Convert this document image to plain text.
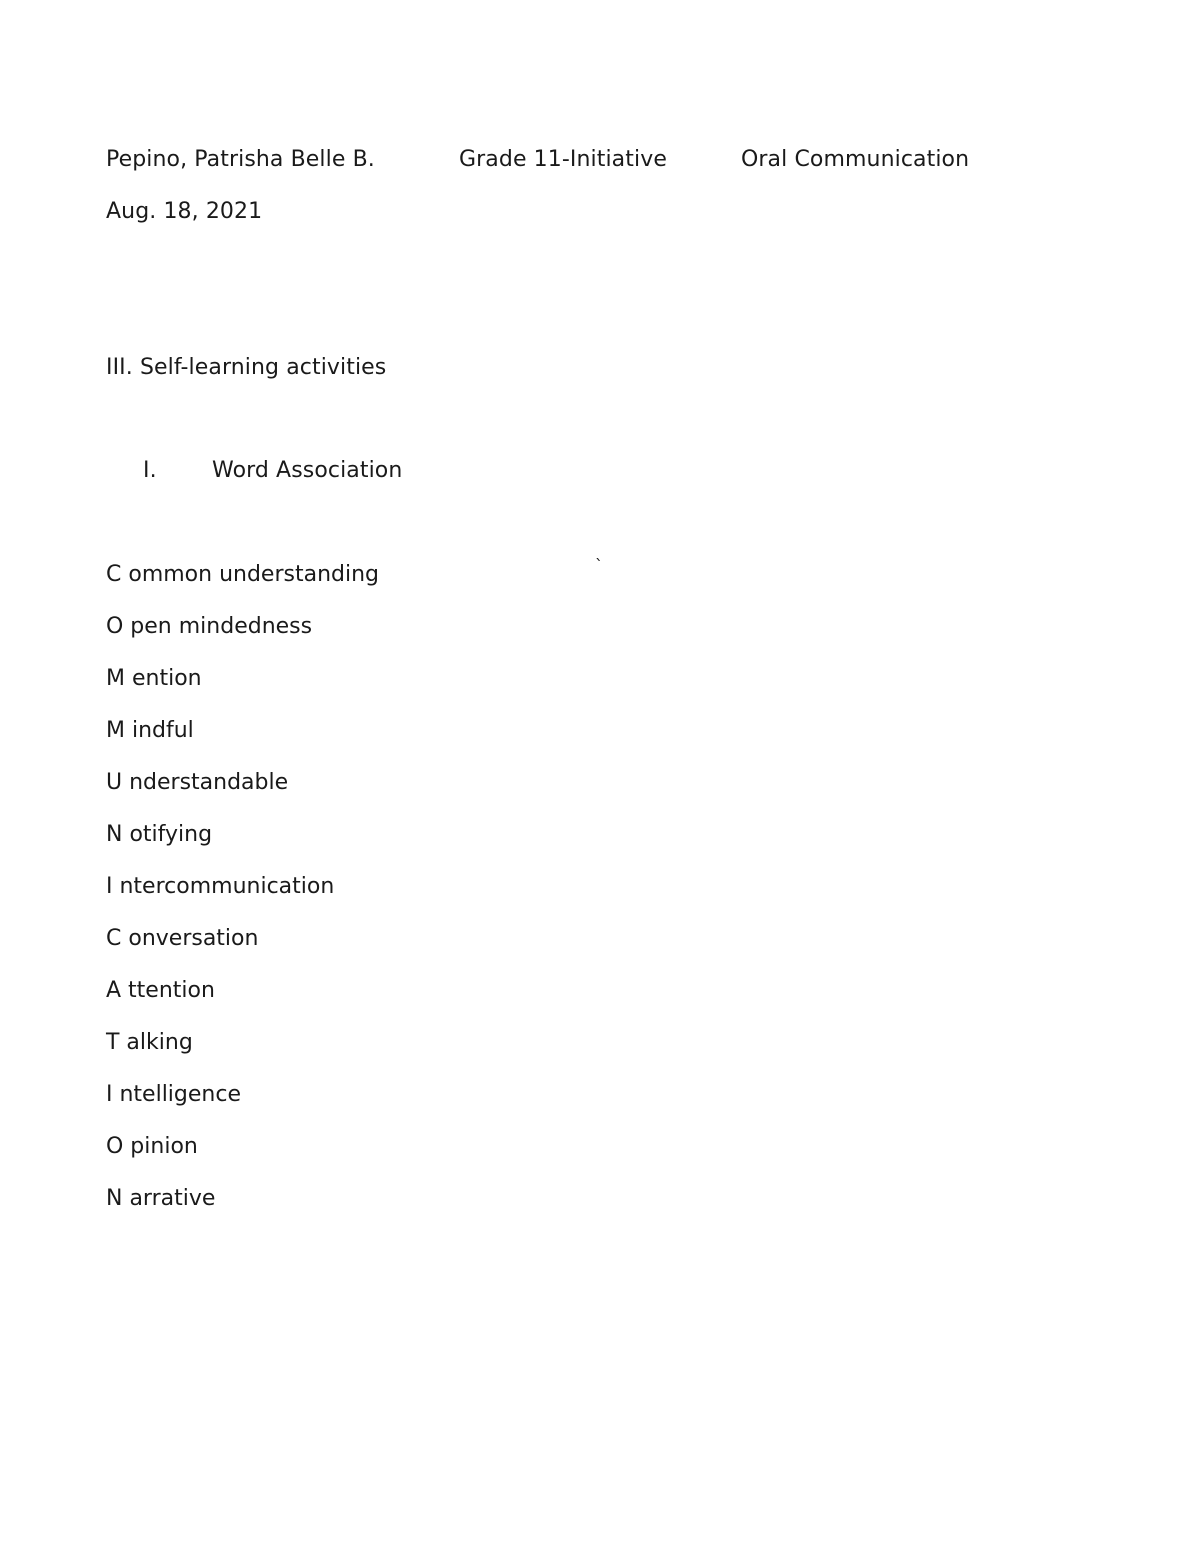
Pepino, Patrisha Belle B.	Grade 11-Initiative	Oral Communication
Aug. 18, 2021
III. Self-learning activities
I.	Word Association
`
C ommon understanding
O pen mindedness
M ention
M indful
U nderstandable
N otifying
I ntercommunication
C onversation
A ttention
T alking
I ntelligence
O pinion
N arrative
